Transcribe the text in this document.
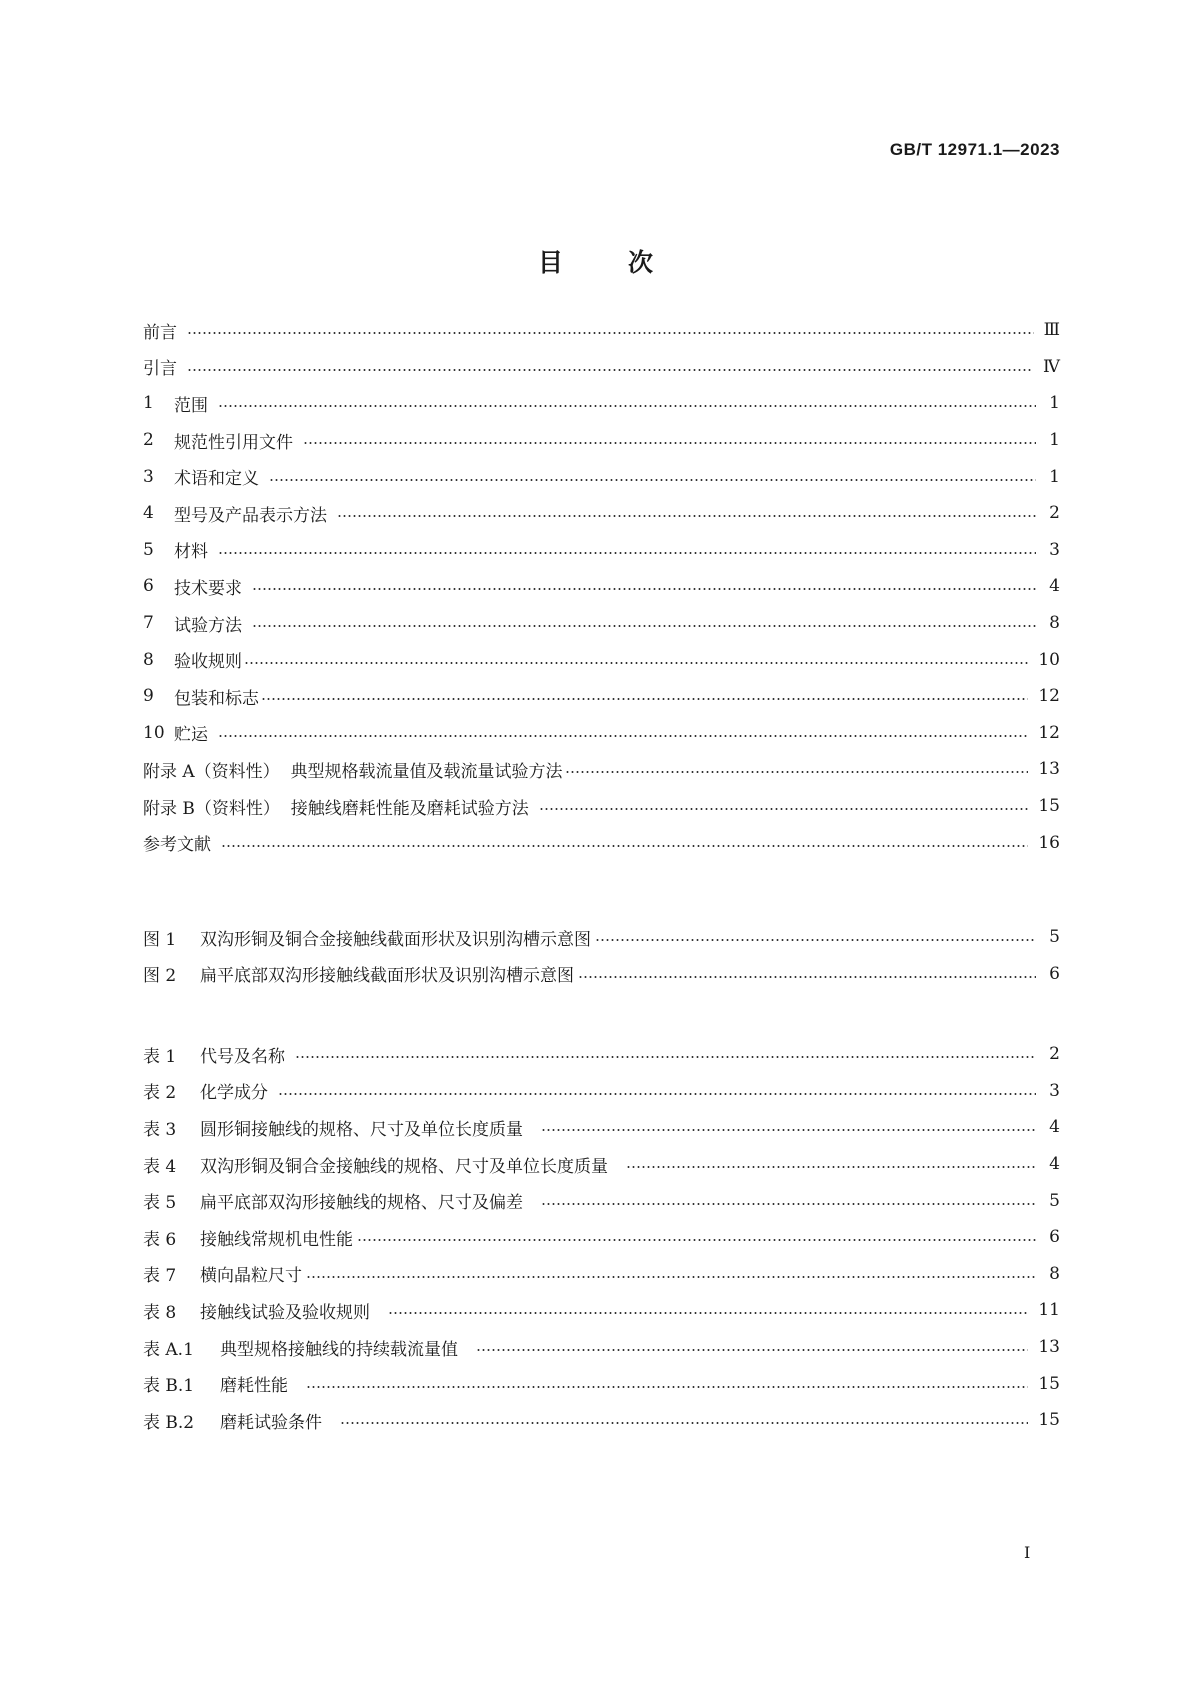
GB/T 12971.1—2023
目	次
前言	Ⅲ
引言	Ⅳ
1	范围	1
2	规范性引用文件	1
3	术语和定义	1
4	型号及产品表示方法	2
5	材料	3
6	技术要求	4
7	试验方法	8
8	验收规则	10
9	包装和标志	12
10 贮运	12
附录 A（资料性）  典型规格载流量值及载流量试验方法	13
附录 B（资料性）  接触线磨耗性能及磨耗试验方法	15
参考文献	16
图 1	双沟形铜及铜合金接触线截面形状及识别沟槽示意图	5
图 2	扁平底部双沟形接触线截面形状及识别沟槽示意图	6
表 1	代号及名称	2
表 2	化学成分	3
表 3	圆形铜接触线的规格、尺寸及单位长度质量	4
表 4	双沟形铜及铜合金接触线的规格、尺寸及单位长度质量	4
表 5	扁平底部双沟形接触线的规格、尺寸及偏差	5
表 6	接触线常规机电性能	6
表 7	横向晶粒尺寸	8
表 8	接触线试验及验收规则	11
表 A.1	典型规格接触线的持续载流量值	13
表 B.1	磨耗性能	15
表 B.2	磨耗试验条件	15
I
